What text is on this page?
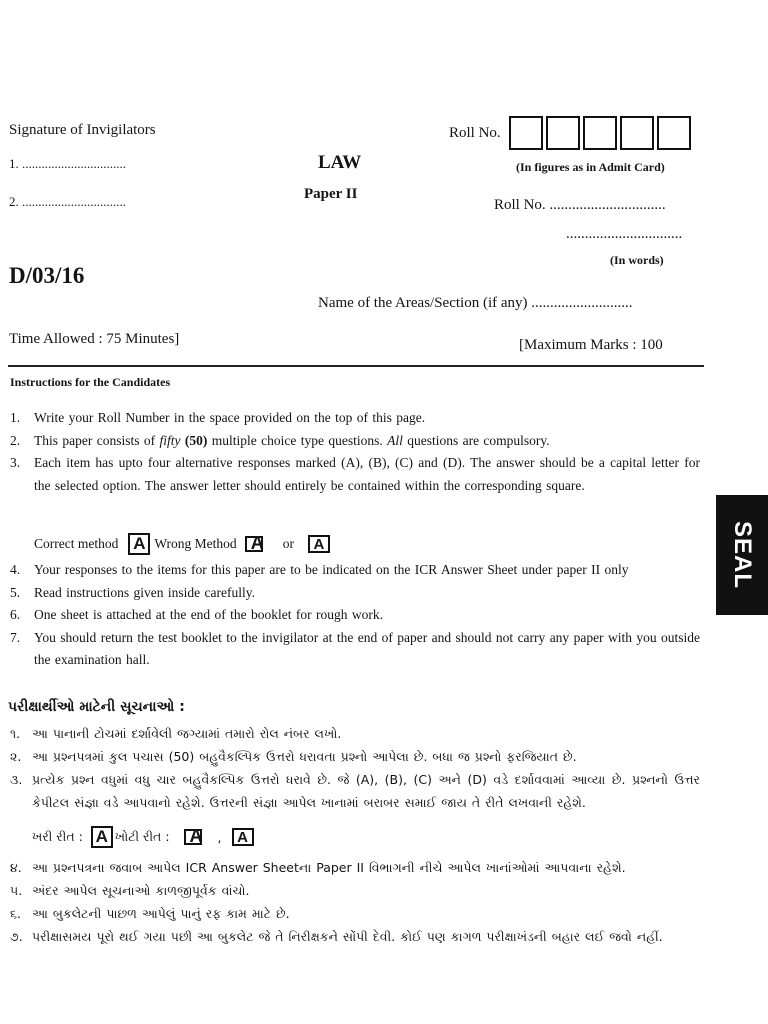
Signature of Invigilators
1. ................................
2. ................................
LAW
Paper II
Roll No.
(In figures as in Admit Card)
Roll No. ...............................
...............................
(In words)
D/03/16
Name of the Areas/Section (if any) ...........................
Time Allowed : 75 Minutes]	[Maximum Marks : 100
Instructions for the Candidates
1. Write your Roll Number in the space provided on the top of this page.
2. This paper consists of fifty (50) multiple choice type questions. All questions are compulsory.
3. Each item has upto four alternative responses marked (A), (B), (C) and (D). The answer should be a capital letter for the selected option. The answer letter should entirely be contained within the corresponding square.
Correct method A Wrong Method A or	A
4. Your responses to the items for this paper are to be indicated on the ICR Answer Sheet under paper II only
5. Read instructions given inside carefully.
6. One sheet is attached at the end of the booklet for rough work.
7. You should return the test booklet to the invigilator at the end of paper and should not carry any paper with you outside the examination hall.
પરીક્ષાર્થીઓ માટેની સૂચનાઓ :
૧. આ પાનાની ટોચમાં દર્શાવેલી જગ્યામાં તમારો રોલ નંબર લખો.
૨. આ પ્રશ્નપત્રમાં કુલ પચાસ (50) બહુવૈકલ્પિક ઉત્તરો ધરાવતા પ્રશ્નો આપેલા છે. બધા જ પ્રશ્નો ફરજિયાત છે.
૩. પ્રત્યેક પ્રશ્ન વધુમાં વધુ ચાર બહુવૈકલ્પિક ઉત્તરો ધરાવે છે. જે (A), (B), (C) અને (D) વડે દર્શાવવામાં આવ્યા છે. પ્રશ્નનો ઉત્તર કેપીટલ સંજ્ઞા વડે આપવાનો રહેશે. ઉત્તરની સંજ્ઞા આપેલ ખાનામાં બરાબર સમાઈ જાય તે રીતે લખવાની રહેશે.
ખરી રીત : A ખોટી રીત : A ,	A
૪. આ પ્રશ્નપત્રના જવાબ આપેલ ICR Answer Sheetના Paper II વિભાગની નીચે આપેલ ખાનાંઓમાં આપવાના રહેશે.
૫. અંદર આપેલ સૂચનાઓ કાળજીપૂર્વક વાંચો.
૬. આ બુકલેટની પાછળ આપેલું પાનું રફ કામ માટે છે.
૭. પરીક્ષાસમય પૂરો થઈ ગયા પછી આ બુકલેટ જે તે નિરીક્ષકને સોંપી દેવી. કોઈ પણ કાગળ પરીક્ષાખંડની બહાર લઈ જવો નહીં.
SEAL
